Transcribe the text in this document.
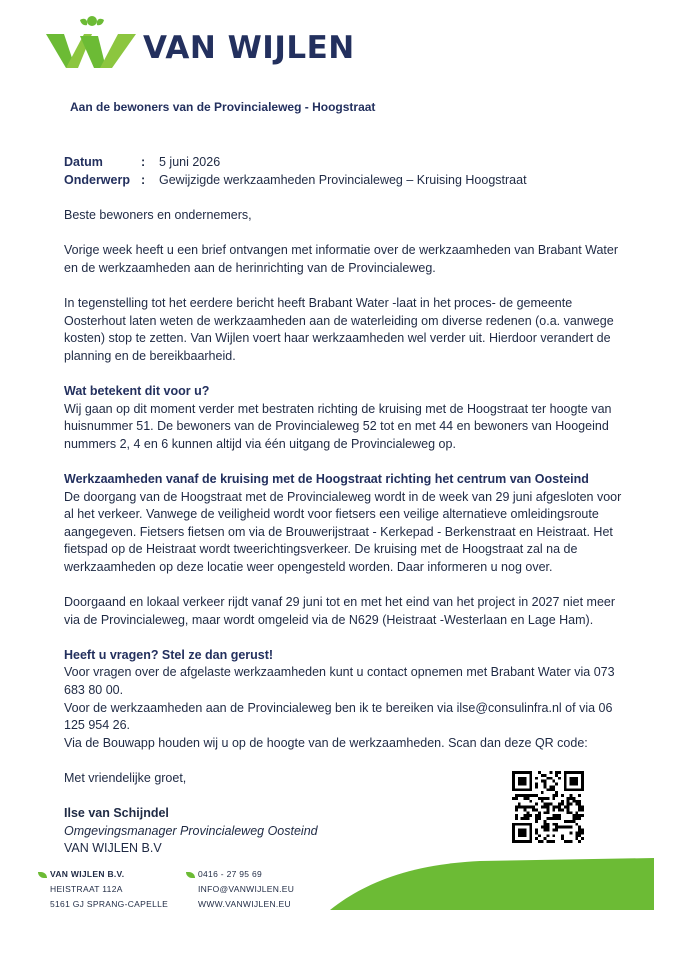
VAN WIJLEN
Aan de bewoners van de Provincialeweg - Hoogstraat
Datum	:	5 juni 2026
Onderwerp :	Gewijzigde werkzaamheden Provincialeweg – Kruising Hoogstraat

Beste bewoners en ondernemers,

Vorige week heeft u een brief ontvangen met informatie over de werkzaamheden van Brabant Water en de werkzaamheden aan de herinrichting van de Provincialeweg.

In tegenstelling tot het eerdere bericht heeft Brabant Water -laat in het proces- de gemeente Oosterhout laten weten de werkzaamheden aan de waterleiding om diverse redenen (o.a. vanwege kosten) stop te zetten. Van Wijlen voert haar werkzaamheden wel verder uit. Hierdoor verandert de planning en de bereikbaarheid.

Wat betekent dit voor u?

Wij gaan op dit moment verder met bestraten richting de kruising met de Hoogstraat ter hoogte van huisnummer 51. De bewoners van de Provincialeweg 52 tot en met 44 en bewoners van Hoogeind nummers 2, 4 en 6 kunnen altijd via één uitgang de Provincialeweg op.

Werkzaamheden vanaf de kruising met de Hoogstraat richting het centrum van Oosteind

De doorgang van de Hoogstraat met de Provincialeweg wordt in de week van 29 juni afgesloten voor al het verkeer. Vanwege de veiligheid wordt voor fietsers een veilige alternatieve omleidingsroute aangegeven. Fietsers fietsen om via de Brouwerijstraat - Kerkepad - Berkenstraat en Heistraat. Het fietspad op de Heistraat wordt tweerichtingsverkeer. De kruising met de Hoogstraat zal na de werkzaamheden op deze locatie weer opengesteld worden. Daar informeren u nog over.

Doorgaand en lokaal verkeer rijdt vanaf 29 juni tot en met het eind van het project in 2027 niet meer via de Provincialeweg, maar wordt omgeleid via de N629 (Heistraat -Westerlaan en Lage Ham).

Heeft u vragen? Stel ze dan gerust!
Voor vragen over de afgelaste werkzaamheden kunt u contact opnemen met Brabant Water via 073 683 80 00.
Voor de werkzaamheden aan de Provincialeweg ben ik te bereiken via ilse@consulinfra.nl of via 06 125 954 26.

Via de Bouwapp houden wij u op de hoogte van de werkzaamheden. Scan dan deze QR code:

Met vriendelijke groet,
Ilse van Schijndel
Omgevingsmanager Provincialeweg Oosteind
VAN WIJLEN B.V
VAN WIJLEN B.V.
HEISTRAAT 112A
5161 GJ SPRANG-CAPELLE
0416 - 27 95 69
INFO@VANWIJLEN.EU
WWW.VANWIJLEN.EU
